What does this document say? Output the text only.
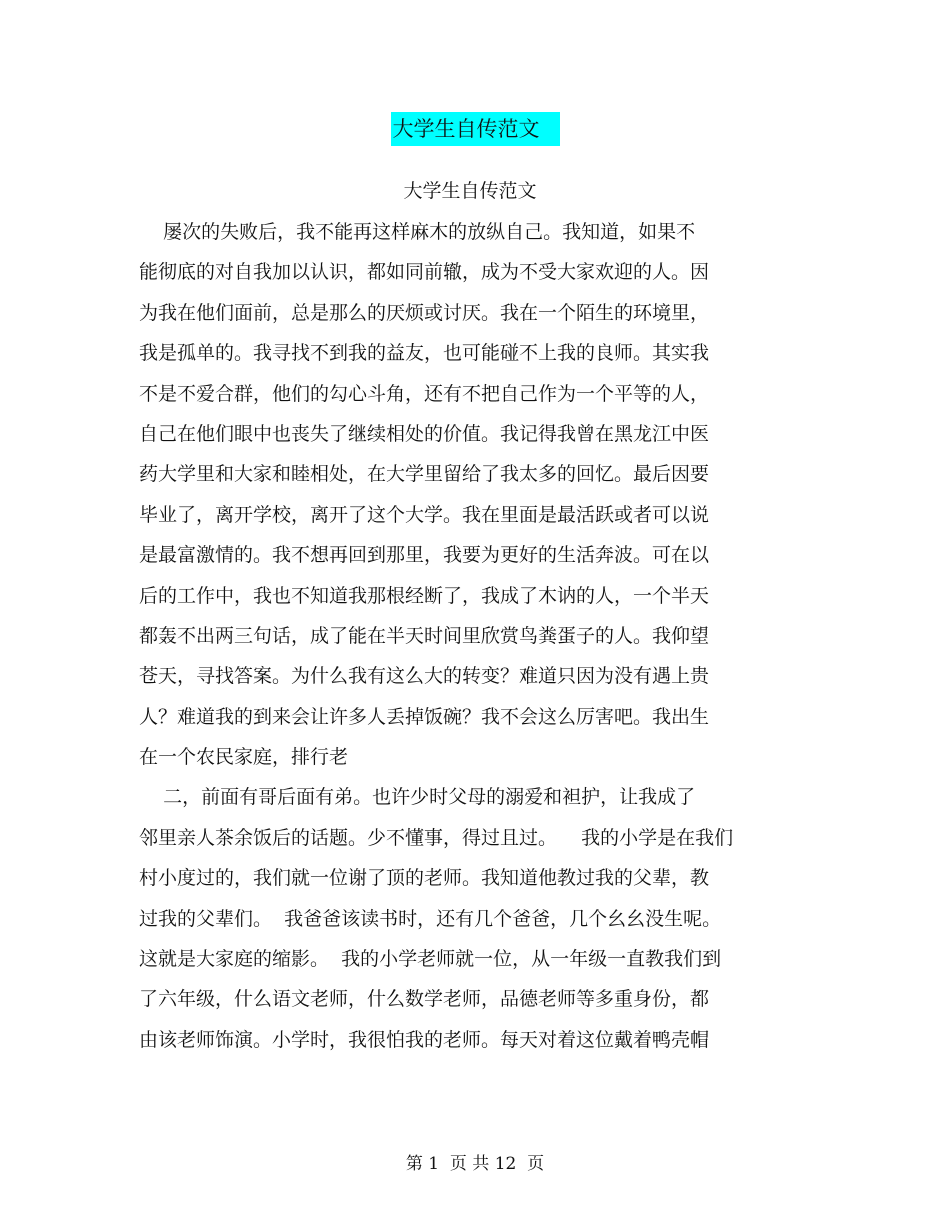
大学生自传范文
大学生自传范文
屡次的失败后，我不能再这样麻木的放纵自己。我知道，如果不
能彻底的对自我加以认识，都如同前辙，成为不受大家欢迎的人。因
为我在他们面前，总是那么的厌烦或讨厌。我在一个陌生的环境里，
我是孤单的。我寻找不到我的益友，也可能碰不上我的良师。其实我
不是不爱合群，他们的勾心斗角，还有不把自己作为一个平等的人，
自己在他们眼中也丧失了继续相处的价值。我记得我曾在黑龙江中医
药大学里和大家和睦相处，在大学里留给了我太多的回忆。最后因要
毕业了，离开学校，离开了这个大学。我在里面是最活跃或者可以说
是最富激情的。我不想再回到那里，我要为更好的生活奔波。可在以
后的工作中，我也不知道我那根经断了，我成了木讷的人，一个半天
都轰不出两三句话，成了能在半天时间里欣赏鸟粪蛋子的人。我仰望
苍天，寻找答案。为什么我有这么大的转变？难道只因为没有遇上贵
人？难道我的到来会让许多人丢掉饭碗？我不会这么厉害吧。我出生
在一个农民家庭，排行老
二，前面有哥后面有弟。也许少时父母的溺爱和袒护，让我成了
邻里亲人茶余饭后的话题。少不懂事，得过且过。    我的小学是在我们
村小度过的，我们就一位谢了顶的老师。我知道他教过我的父辈，教
过我的父辈们。  我爸爸该读书时，还有几个爸爸，几个幺幺没生呢。
这就是大家庭的缩影。  我的小学老师就一位，从一年级一直教我们到
了六年级，什么语文老师，什么数学老师，品德老师等多重身份，都
由该老师饰演。小学时，我很怕我的老师。每天对着这位戴着鸭壳帽
第 1  页 共 12  页
